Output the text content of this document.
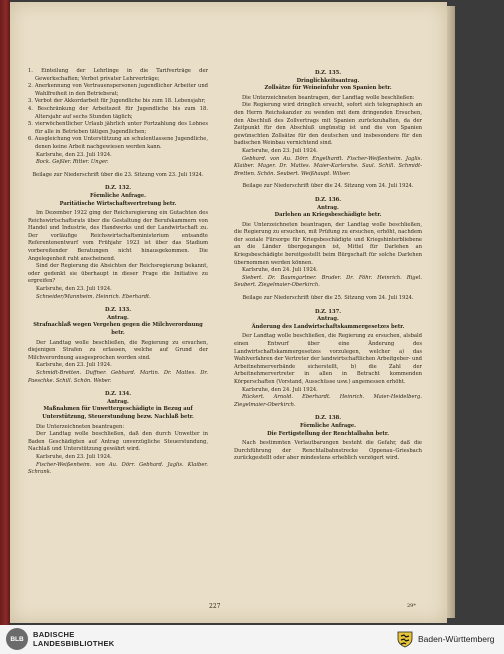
1. Einteilung der Lehrlinge in die Tarifverträge der Gewerkschaften; Verbot privater Lehrverträge;

2. Anerkennung von Vertrauenspersonen jugendlicher Arbeiter und Wahlfreiheit in den Betriebsrat;

3. Verbot der Akkordarbeit für Jugendliche bis zum 18. Lebensjahr;

4. Beschränkung der Arbeitszeit für Jugendliche bis zum 18. Altersjahr auf sechs Stunden täglich;

5. vierwöchentlicher Urlaub jährlich unter Fortzahlung des Lohnes für alle in Betrieben tätigen Jugendlichen;

6. Ausgleichung von Unterstützung an schulentlassene Jugendliche, denen keine Arbeit nachgewiesen werden kann.

Karlsruhe, den 23. Juli 1924.

Bock. Geßler. Ritter. Unger.

Beilage zur Niederschrift über die 23. Sitzung vom 23. Juli 1924.

D.Z. 132.

Förmliche Anfrage.

Paritätische Wirtschaftsvertretung betr.

Im Dezember 1922 ging der Reichsregierung ein Gutachten des Reichswirtschaftsrats über die Gestaltung der Berufskammern von Handel und Industrie, des Handwerks und der Landwirtschaft zu. Der vorläufige Reichswirtschaftsministerium entsandte Referentenentwurf vom Frühjahr 1923 ist über das Stadium vorbereitender Beratungen nicht hinausgekommen. Die Angelegenheit ruht anscheinend.

Sind der Regierung die Absichten der Reichsregierung bekannt, oder gedenkt sie überhaupt in dieser Frage die Initiative zu ergreifen?

Karlsruhe, den 23. Juli 1924.

Schneider/Mannheim. Heinrich. Eberhardt.

D.Z. 133.

Antrag.

Strafnachlaß wegen Vergehen gegen die Milchverordnung betr.

Der Landtag wolle beschließen, die Regierung zu ersuchen, diejenigen Strafen zu erlassen, welche auf Grund der Milchverordnung ausgesprochen worden sind.

Karlsruhe, den 23. Juli 1924.

Schmidt-Bretten. Duffner. Gebhard. Martin. Dr. Mattes. Dr. Paeschke. Schill. Schön. Weber.

D.Z. 134.

Antrag.

Maßnahmen für Unwettergeschädigte in Bezug auf Unterstützung, Steuerstundung bezw. Nachlaß betr.

Die Unterzeichneten beantragen:

Der Landtag wolle beschließen, daß den durch Unwetter in Baden Geschädigten auf Antrag unverzügliche Steuerstundung, Nachlaß und Unterstützung gewährt wird.

Karlsruhe, den 23. Juli 1924.

Fischer-Weißenheim. von Au. Dörr. Gebhard. Jaglis. Klaiber. Schrank.

D.Z. 135.

Dringlichkeitsantrag.

Zollsätze für Weineinfuhr von Spanien betr.

Die Unterzeichneten beantragen, der Landtag wolle beschließen:

Die Regierung wird dringlich ersucht, sofort sich telegraphisch an den Herrn Reichskanzler zu wenden mit dem dringenden Ersuchen, den Abschluß des Zollvertrags mit Spanien zurückzuhalten, da der Zeitpunkt für den Abschluß ungünstig ist und die von Spanien gewünschten Zollsätze für den deutschen und insbesondere für den badischen Weinbau vernichtend sind.

Karlsruhe, den 23. Juli 1924.

Gebhard. von Au. Dörr. Engelhardt. Fischer-Weißenheim. Jaglis. Klaiber. Mager. Dr. Mattes. Maier-Karlsruhe. Saul. Schill. Schmidt-Bretten. Schön. Seubert. Weißhaupt. Wilser.

Beilage zur Niederschrift über die 24. Sitzung vom 24. Juli 1924.

D.Z. 136.

Antrag.

Darlehen an Kriegsbeschädigte betr.

Die Unterzeichneten beantragen, der Landtag wolle beschließen, die Regierung zu ersuchen, mit Prüfung zu ersuchen, erhöht, nachdem der soziale Fürsorge für Kriegsbeschädigte und Kriegshinterbliebene an die Länder übergegangen ist, Mittel für Darlehen an Kriegsbeschädigte bereitgestellt beim Bürgschaft für solche Darlehen übernommen werden können.

Karlsruhe, den 24. Juli 1924.

Siebert. Dr. Baumgartner. Bruder. Dr. Föhr. Heinrich. Rigel. Seubert. Ziegelmaier-Oberkirch.

Beilage zur Niederschrift über die 25. Sitzung vom 24. Juli 1924.

D.Z. 137.

Antrag.

Änderung des Landwirtschaftskammergesetzes betr.

Der Landtag wolle beschließen, die Regierung zu ersuchen, alsbald einen Entwurf über eine Änderung des Landwirtschaftskammergesetzes vorzulegen, welcher a) das Wahlverfahren der Vertreter der landwirtschaftlichen Arbeitgeber- und Arbeitnehmerverbände sicherstellt, b) die Zahl der Arbeitnehmervertreter in allen in Betracht kommenden Körperschaften (Vorstand, Ausschüsse usw.) angemessen erhöht.

Karlsruhe, den 24. Juli 1924.

Rückert. Arnold. Eberhardt. Heinrich. Maier-Heidelberg. Ziegelmaier-Oberkirch.

D.Z. 138.

Förmliche Anfrage.

Die Fertigstellung der Renchtalbahn betr.

Nach bestimmten Verlautbarungen besteht die Gefahr, daß die Durchführung der Renchtalbahnstrecke Oppenau–Griesbach zurückgestellt oder aber mindestens erheblich verzögert wird.

227	29*
BLB	BADISCHE
LANDESBIBLIOTHEK	Baden-Württemberg
